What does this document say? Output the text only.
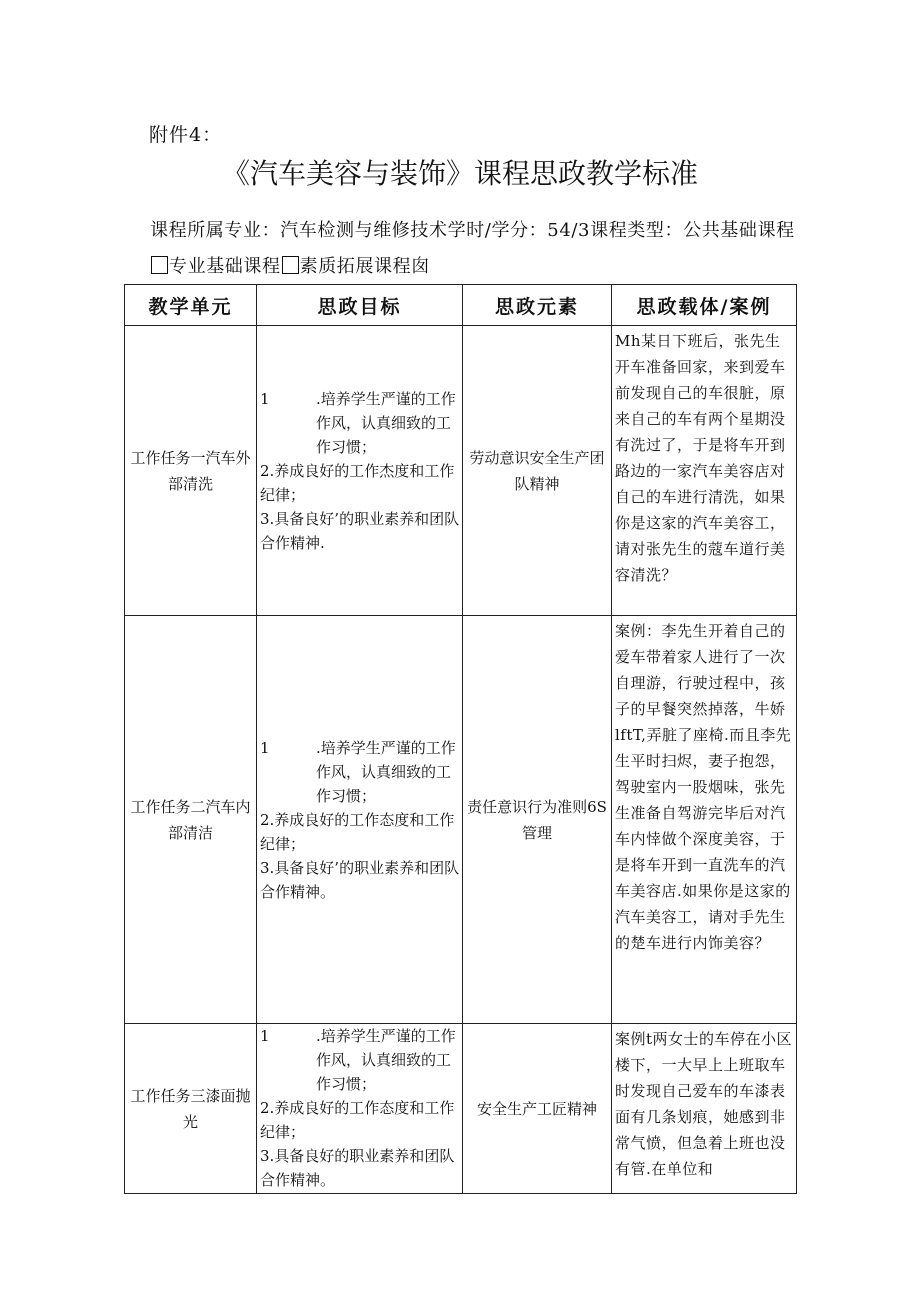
附件4：
《汽车美容与装饰》课程思政教学标准
课程所属专业：汽车检测与维修技术学时/学分：54/3课程类型：公共基础课程专业基础课程 素质拓展课程囱
教学单元	思政目标	思政元素	思政载体/案例
工作任务一汽车外部清洗	1 .培养学生严谨的工作作风，认真细致的工作习惯；
2.养成良好的工作杰度和工作纪律；
3.具备良好’的职业素养和团队合作精神.	劳动意识安全生产团队精神	Mh某日下班后，张先生开车准备回家，来到爱车前发现自己的车很脏，原来自己的车有两个星期没有洗过了，于是将车开到路边的一家汽车美容店对自己的车进行清洗，如果你是这家的汽车美容工，请对张先生的蔻车道行美容清洗？
工作任务二汽车内部清洁	1 .培养学生严谨的工作作风，认真细致的工作习惯；
2.养成良好的工作态度和工作纪律；
3.具备良好’的职业素养和团队合作精神。	责任意识行为准则6S管理	案例：李先生开着自己的爱车带着家人进行了一次自理游，行驶过程中，孩子的早餐突然掉落，牛娇lftT,弄脏了座椅.而且李先生平时扫烬，妻子抱怨，驾驶室内一股烟味，张先生准备自驾游完毕后对汽车内悻做个深度美容，于是将车开到一直洗车的汽车美容店.如果你是这家的汽车美容工，请对手先生的楚车进行内饰美容？
工作任务三漆面抛光	1 .培养学生严谨的工作作风，认真细致的工作习惯；
2.养成良好的工作态度和工作纪律；
3.具备良好的职业素养和团队合作精神。	安全生产工匠精神	案例t两女士的车停在小区楼下，一大早上上班取车时发现自己爱车的车漆表面有几条划痕，她感到非常气愤，但急着上班也没有管.在单位和
